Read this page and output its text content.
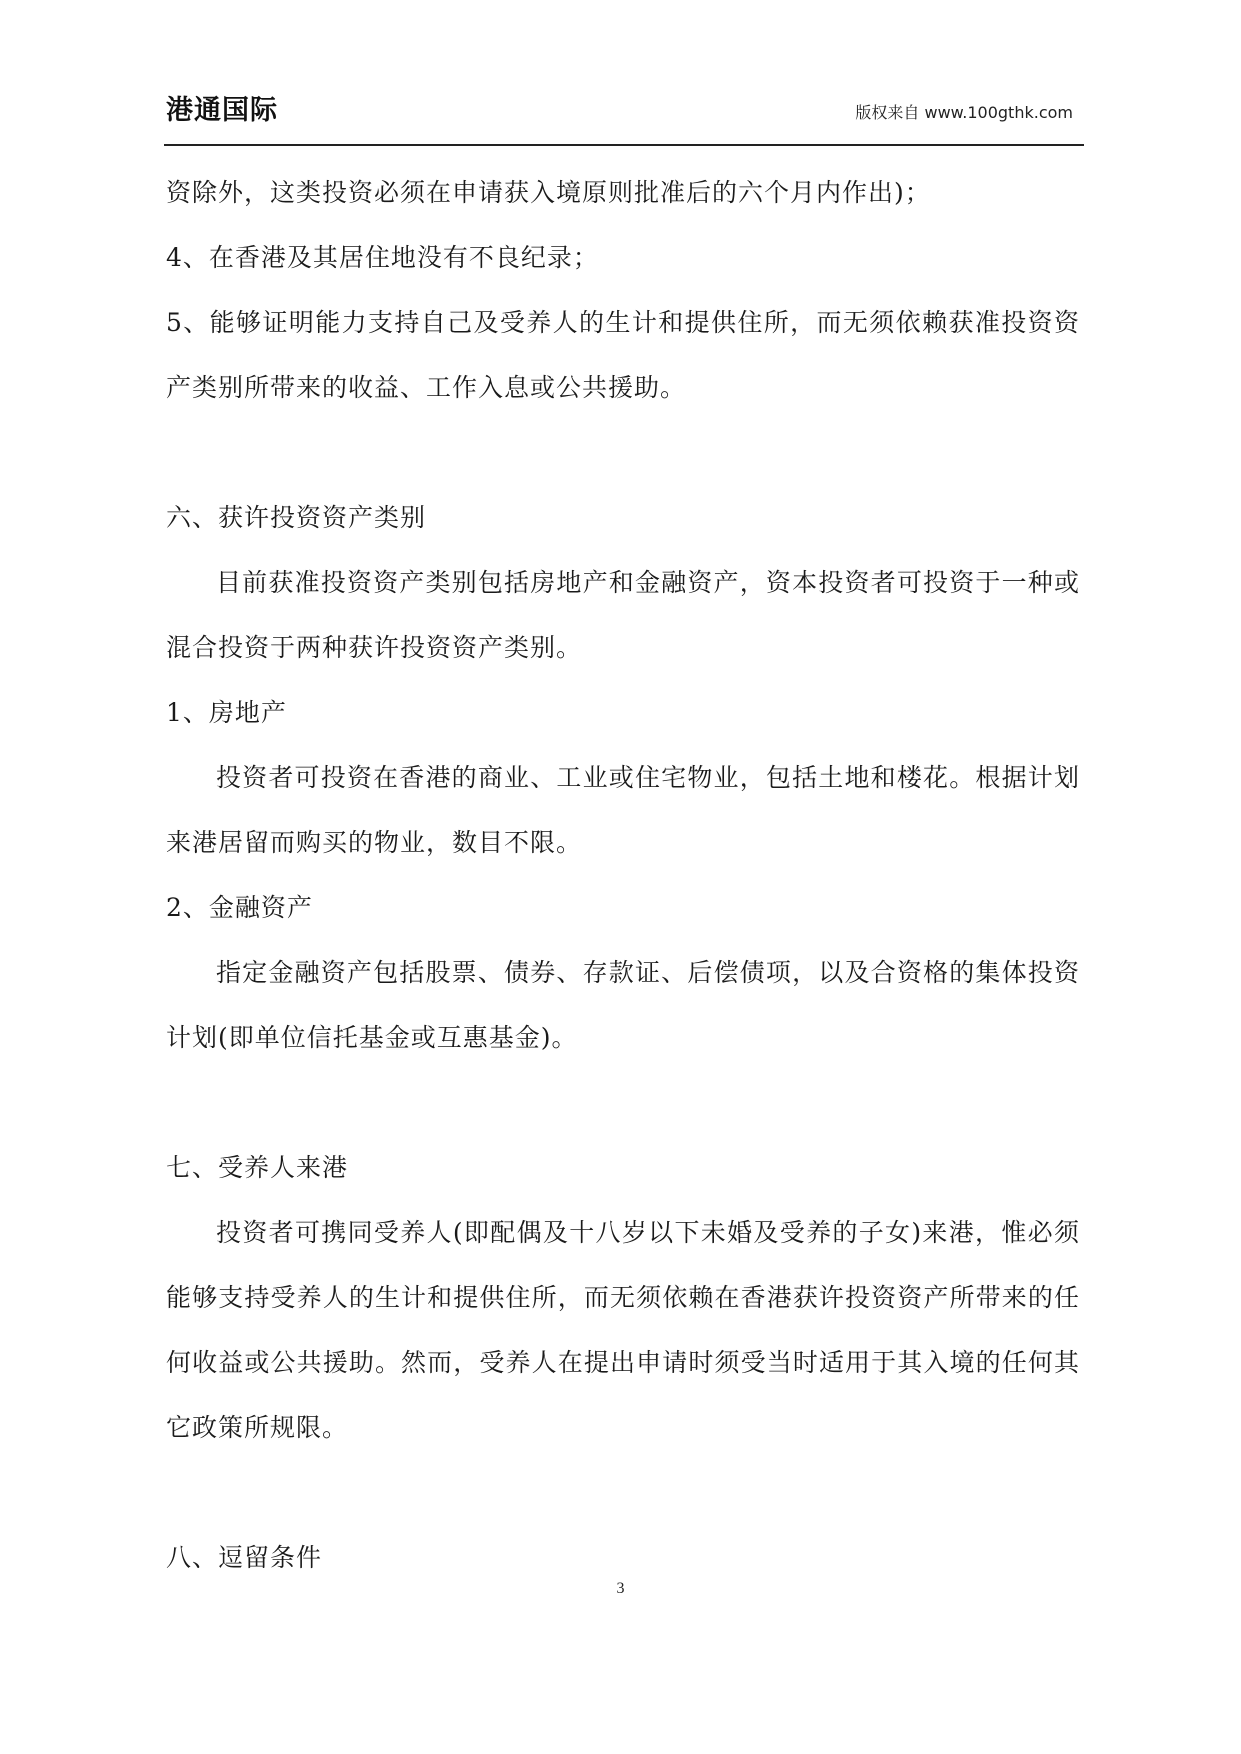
港通国际	版权来自 www.100gthk.com

资除外，这类投资必须在申请获入境原则批准后的六个月内作出)；

4、在香港及其居住地没有不良纪录；

5、能够证明能力支持自己及受养人的生计和提供住所，而无须依赖获准投资资产类别所带来的收益、工作入息或公共援助。

六、获许投资资产类别

目前获准投资资产类别包括房地产和金融资产，资本投资者可投资于一种或混合投资于两种获许投资资产类别。

1、房地产

投资者可投资在香港的商业、工业或住宅物业，包括土地和楼花。根据计划来港居留而购买的物业，数目不限。

2、金融资产

指定金融资产包括股票、债券、存款证、后偿债项，以及合资格的集体投资计划(即单位信托基金或互惠基金)。

七、受养人来港

投资者可携同受养人(即配偶及十八岁以下未婚及受养的子女)来港，惟必须能够支持受养人的生计和提供住所，而无须依赖在香港获许投资资产所带来的任何收益或公共援助。然而，受养人在提出申请时须受当时适用于其入境的任何其它政策所规限。

八、逗留条件

3
